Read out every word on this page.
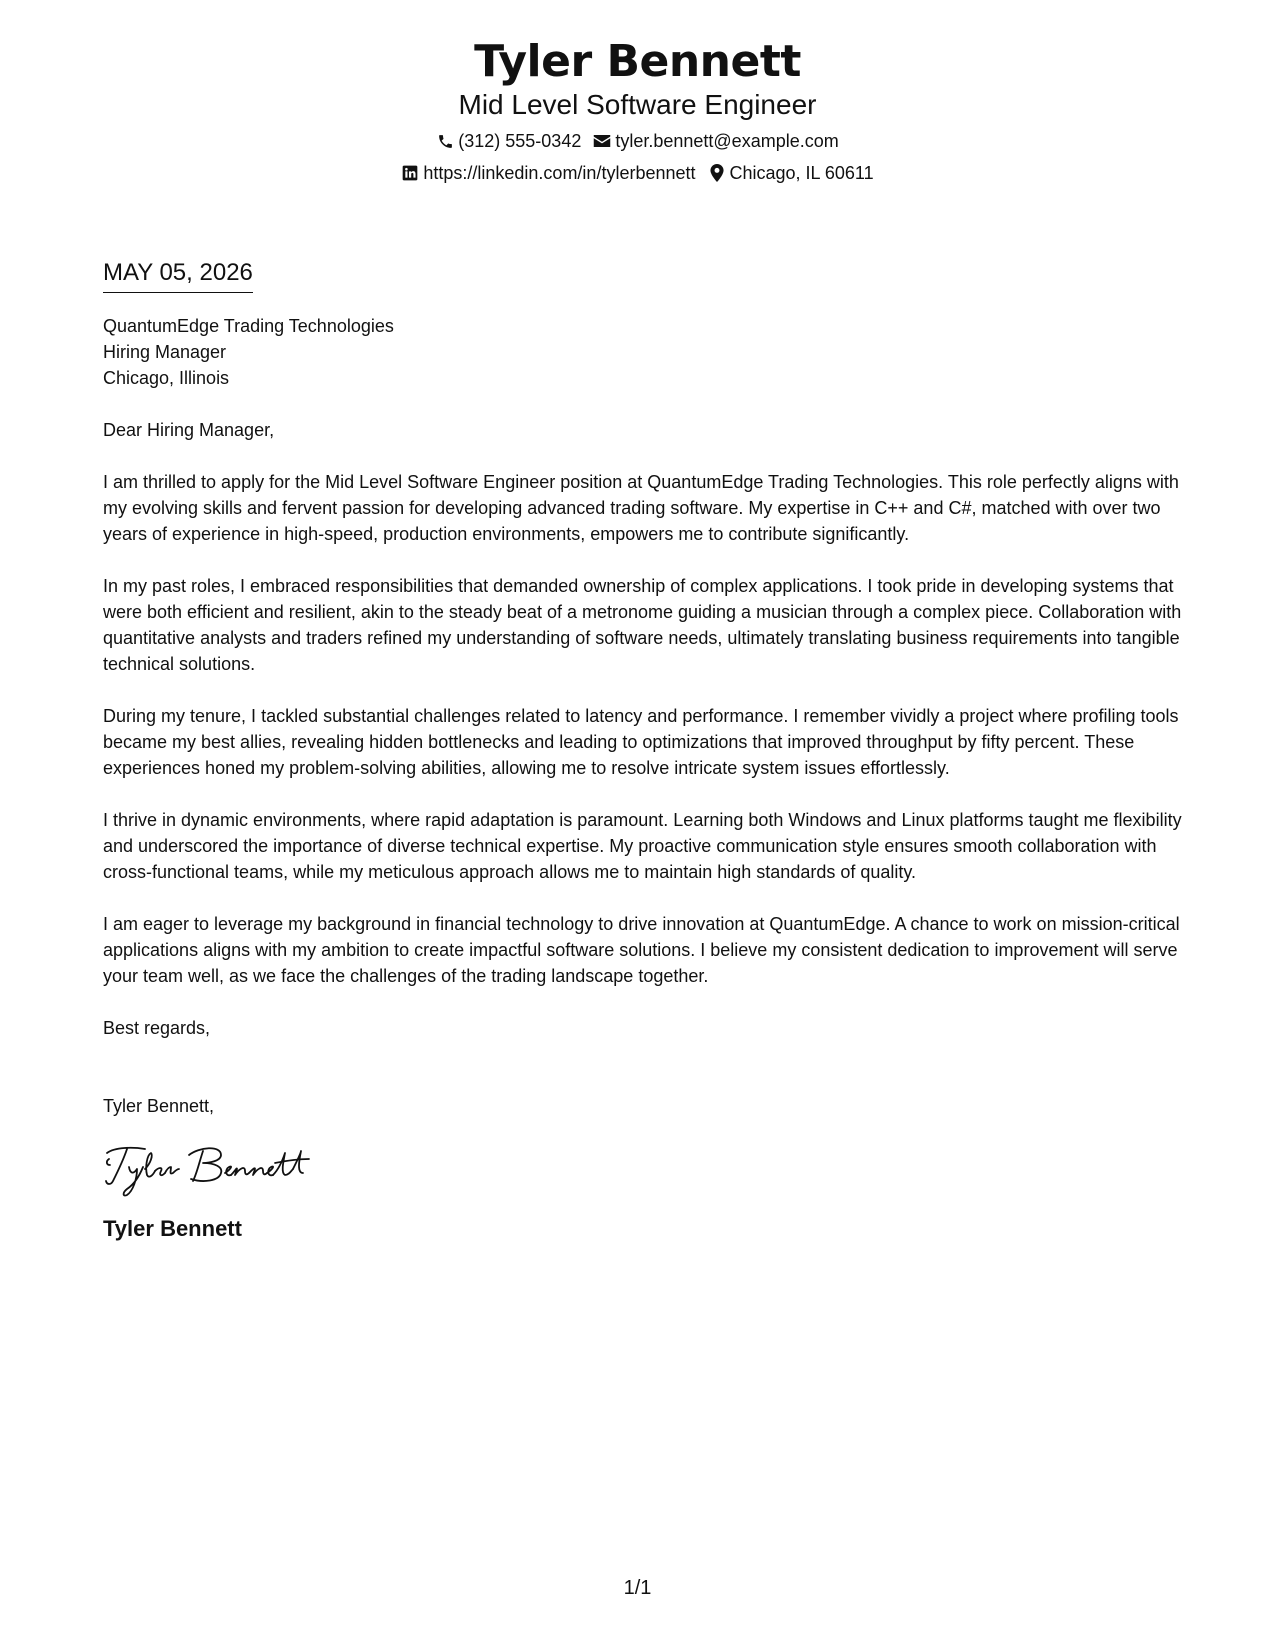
Tyler Bennett
Mid Level Software Engineer
(312) 555-0342 tyler.bennett@example.com
https://linkedin.com/in/tylerbennett Chicago, IL 60611
MAY 05, 2026
QuantumEdge Trading Technologies
Hiring Manager
Chicago, Illinois
Dear Hiring Manager,
I am thrilled to apply for the Mid Level Software Engineer position at QuantumEdge Trading Technologies. This role perfectly aligns with my evolving skills and fervent passion for developing advanced trading software. My expertise in C++ and C#, matched with over two years of experience in high-speed, production environments, empowers me to contribute significantly.
In my past roles, I embraced responsibilities that demanded ownership of complex applications. I took pride in developing systems that were both efficient and resilient, akin to the steady beat of a metronome guiding a musician through a complex piece. Collaboration with quantitative analysts and traders refined my understanding of software needs, ultimately translating business requirements into tangible technical solutions.
During my tenure, I tackled substantial challenges related to latency and performance. I remember vividly a project where profiling tools became my best allies, revealing hidden bottlenecks and leading to optimizations that improved throughput by fifty percent. These experiences honed my problem-solving abilities, allowing me to resolve intricate system issues effortlessly.
I thrive in dynamic environments, where rapid adaptation is paramount. Learning both Windows and Linux platforms taught me flexibility and underscored the importance of diverse technical expertise. My proactive communication style ensures smooth collaboration with cross-functional teams, while my meticulous approach allows me to maintain high standards of quality.
I am eager to leverage my background in financial technology to drive innovation at QuantumEdge. A chance to work on mission-critical applications aligns with my ambition to create impactful software solutions. I believe my consistent dedication to improvement will serve your team well, as we face the challenges of the trading landscape together.
Best regards,
Tyler Bennett,
Tyler Bennett
1/1
